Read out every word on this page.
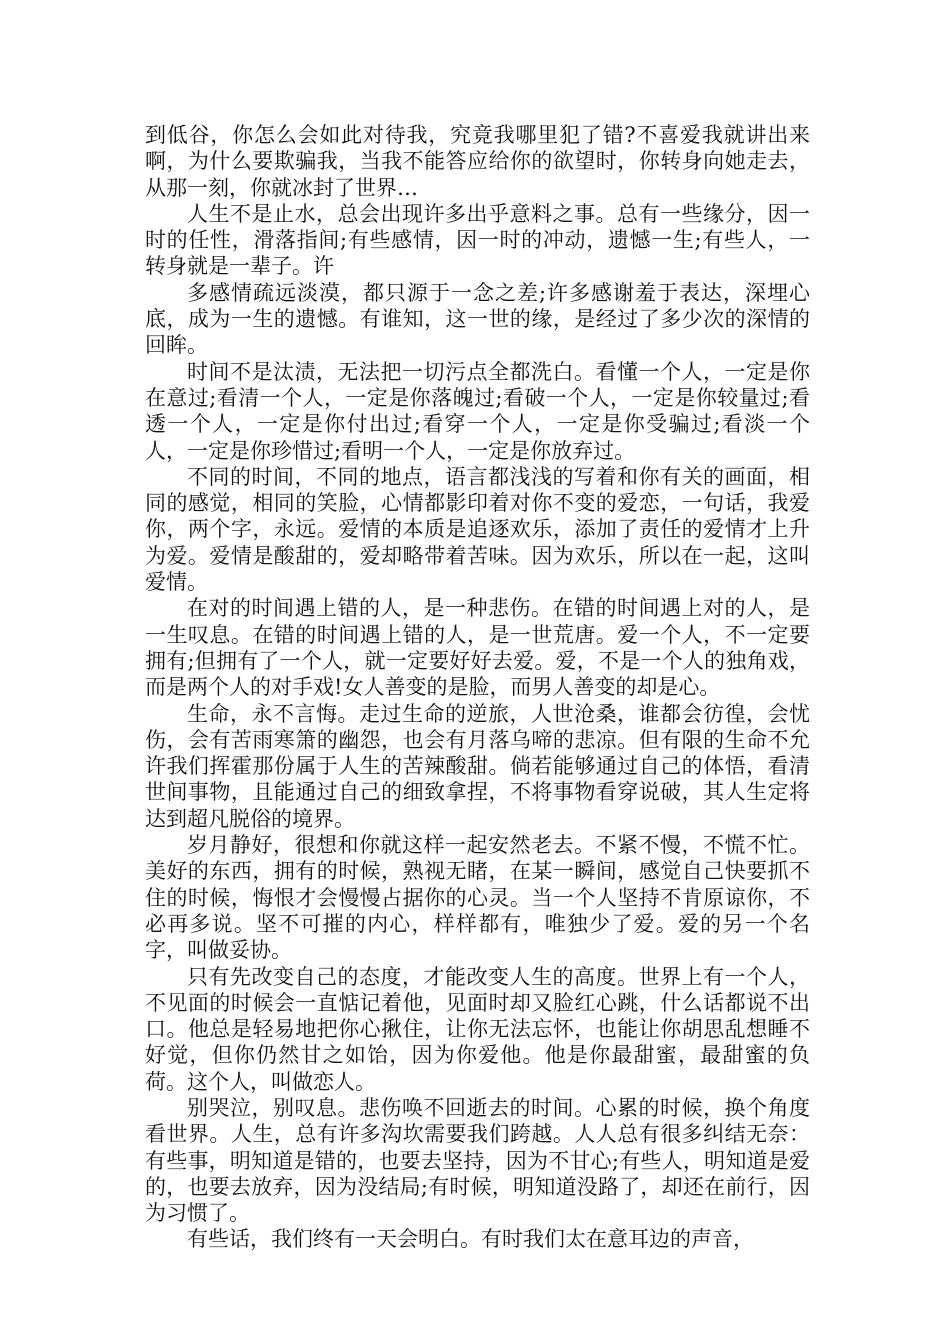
到低谷，你怎么会如此对待我，究竟我哪里犯了错?不喜爱我就讲出来啊，为什么要欺骗我，当我不能答应给你的欲望时，你转身向她走去，从那一刻，你就冰封了世界…

人生不是止水，总会出现许多出乎意料之事。总有一些缘分，因一时的任性，滑落指间;有些感情，因一时的冲动，遗憾一生;有些人，一转身就是一辈子。许

多感情疏远淡漠，都只源于一念之差;许多感谢羞于表达，深埋心底，成为一生的遗憾。有谁知，这一世的缘，是经过了多少次的深情的回眸。

时间不是汰渍，无法把一切污点全都洗白。看懂一个人，一定是你在意过;看清一个人，一定是你落魄过;看破一个人，一定是你较量过;看透一个人，一定是你付出过;看穿一个人，一定是你受骗过;看淡一个人，一定是你珍惜过;看明一个人，一定是你放弃过。

不同的时间，不同的地点，语言都浅浅的写着和你有关的画面，相同的感觉，相同的笑脸，心情都影印着对你不变的爱恋，一句话，我爱你，两个字，永远。爱情的本质是追逐欢乐，添加了责任的爱情才上升为爱。爱情是酸甜的，爱却略带着苦味。因为欢乐，所以在一起，这叫爱情。

在对的时间遇上错的人，是一种悲伤。在错的时间遇上对的人，是一生叹息。在错的时间遇上错的人，是一世荒唐。爱一个人，不一定要拥有;但拥有了一个人，就一定要好好去爱。爱，不是一个人的独角戏，而是两个人的对手戏!女人善变的是脸，而男人善变的却是心。

生命，永不言悔。走过生命的逆旅，人世沧桑，谁都会彷徨，会忧伤，会有苦雨寒箫的幽怨，也会有月落乌啼的悲凉。但有限的生命不允许我们挥霍那份属于人生的苦辣酸甜。倘若能够通过自己的体悟，看清世间事物，且能通过自己的细致拿捏，不将事物看穿说破，其人生定将达到超凡脱俗的境界。

岁月静好，很想和你就这样一起安然老去。不紧不慢，不慌不忙。美好的东西，拥有的时候，熟视无睹，在某一瞬间，感觉自己快要抓不住的时候，悔恨才会慢慢占据你的心灵。当一个人坚持不肯原谅你，不必再多说。坚不可摧的内心，样样都有，唯独少了爱。爱的另一个名字，叫做妥协。

只有先改变自己的态度，才能改变人生的高度。世界上有一个人，不见面的时候会一直惦记着他，见面时却又脸红心跳，什么话都说不出口。他总是轻易地把你心揪住，让你无法忘怀，也能让你胡思乱想睡不好觉，但你仍然甘之如饴，因为你爱他。他是你最甜蜜，最甜蜜的负荷。这个人，叫做恋人。

别哭泣，别叹息。悲伤唤不回逝去的时间。心累的时候，换个角度看世界。人生，总有许多沟坎需要我们跨越。人人总有很多纠结无奈：有些事，明知道是错的，也要去坚持，因为不甘心;有些人，明知道是爱的，也要去放弃，因为没结局;有时候，明知道没路了，却还在前行，因为习惯了。

有些话，我们终有一天会明白。有时我们太在意耳边的声音，
